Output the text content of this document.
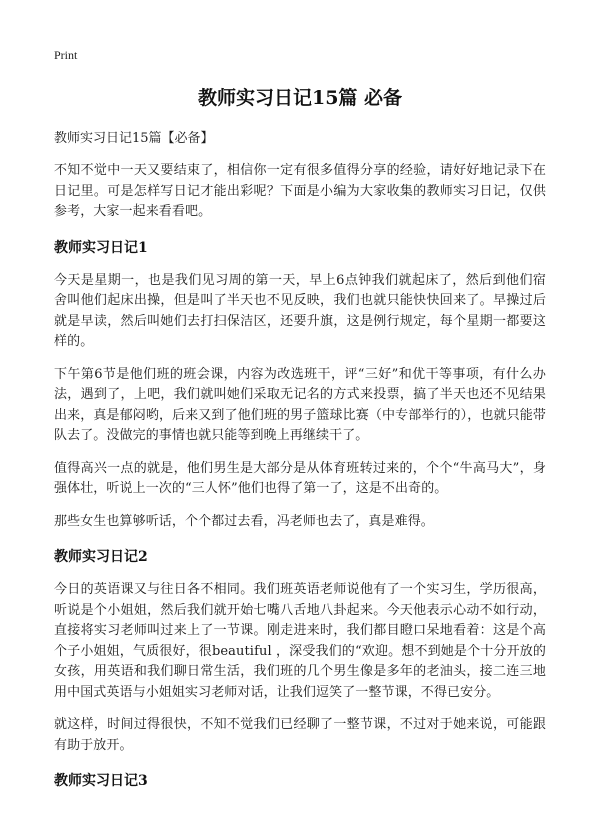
Print
教师实习日记15篇 必备

教师实习日记15篇【必备】

不知不觉中一天又要结束了，相信你一定有很多值得分享的经验，请好好地记录下在日记里。可是怎样写日记才能出彩呢？下面是小编为大家收集的教师实习日记，仅供参考，大家一起来看看吧。

教师实习日记1

今天是星期一，也是我们见习周的第一天，早上6点钟我们就起床了，然后到他们宿舍叫他们起床出操，但是叫了半天也不见反映，我们也就只能快快回来了。早操过后就是早读，然后叫她们去打扫保洁区，还要升旗，这是例行规定，每个星期一都要这样的。

下午第6节是他们班的班会课，内容为改选班干，评“三好”和优干等事项，有什么办法，遇到了，上吧，我们就叫她们采取无记名的方式来投票，搞了半天也还不见结果出来，真是郁闷哟，后来又到了他们班的男子篮球比赛（中专部举行的），也就只能带队去了。没做完的事情也就只能等到晚上再继续干了。

值得高兴一点的就是，他们男生是大部分是从体育班转过来的，个个“牛高马大”，身强体壮，听说上一次的“三人怀”他们也得了第一了，这是不出奇的。

那些女生也算够听话，个个都过去看，冯老师也去了，真是难得。

教师实习日记2

今日的英语课又与往日各不相同。我们班英语老师说他有了一个实习生，学历很高，听说是个小姐姐，然后我们就开始七嘴八舌地八卦起来。今天他表示心动不如行动，直接将实习老师叫过来上了一节课。刚走进来时，我们都目瞪口呆地看着：这是个高个子小姐姐，气质很好，很beautiful ，深受我们的“欢迎。想不到她是个十分开放的女孩，用英语和我们聊日常生活，我们班的几个男生像是多年的老油头，接二连三地用中国式英语与小姐姐实习老师对话，让我们逗笑了一整节课，不得已安分。

就这样，时间过得很快，不知不觉我们已经聊了一整节课，不过对于她来说，可能跟有助于放开。

教师实习日记3
